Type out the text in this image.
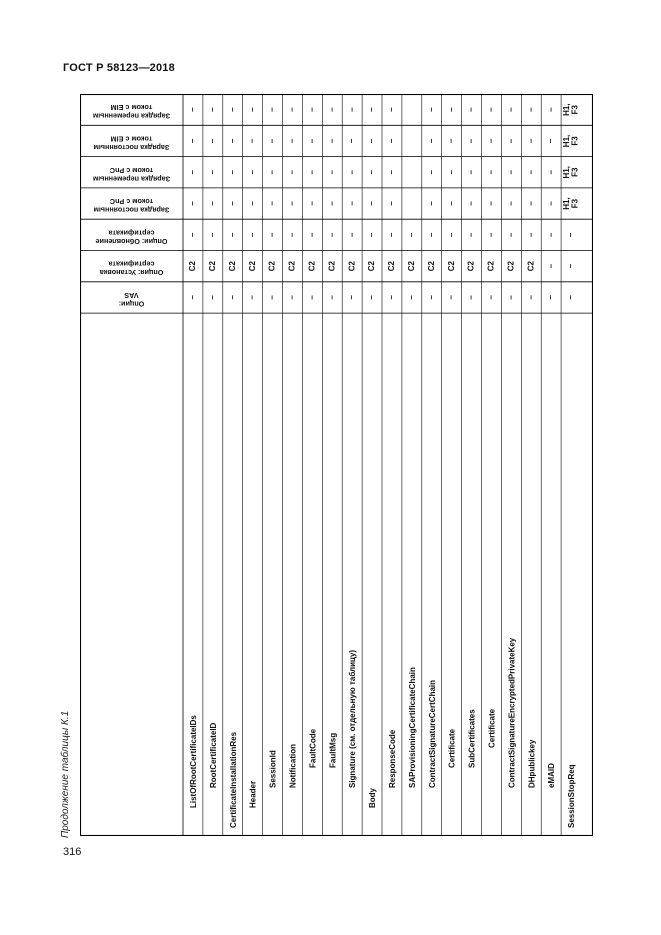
ГОСТ Р 58123—2018
Зарядка переменным
током с EIM
Зарядка постоянным
током с EIM
Зарядка переменным
током с PnC
Зарядка постоянным
током с PnC
Опции: Обновление
сертификата
Опция: Установка
сертификата
Опции:
VAS
ListOfRootCertificateIDs
–
–
–
–
–
C2
–
RootCertificateID
–
–
–
–
–
C2
–
CertificateInstallationRes
–
–
–
–
–
C2
–
Header
–
–
–
–
–
C2
–
SessionId
–
–
–
–
–
C2
–
Notification
–
–
–
–
–
C2
–
FaultCode
–
–
–
–
–
C2
–
FaultMsg
–
–
–
–
–
C2
–
Signature (см. отдельную таблицу)
–
–
–
–
–
C2
–
Body
–
–
–
–
–
C2
–
ResponseCode
–
–
–
–
–
C2
–
SAProvisioningCertificateChain
–
C2
–
ContractSignatureCertChain
–
–
–
–
–
C2
–
Certificate
–
–
–
–
–
C2
–
SubCertificates
–
–
–
–
–
C2
–
Certificate
–
–
–
–
–
C2
–
ContractSignatureEncryptedPrivateKey
–
–
–
–
–
C2
–
DHpublickey
–
–
–
–
–
C2
–
eMAID
–
–
–
–
–
–
–
SessionStopReq
H1, F3
H1, F3
H1, F3
H1, F3
–
–
–
Продолжение таблицы К.1
316
